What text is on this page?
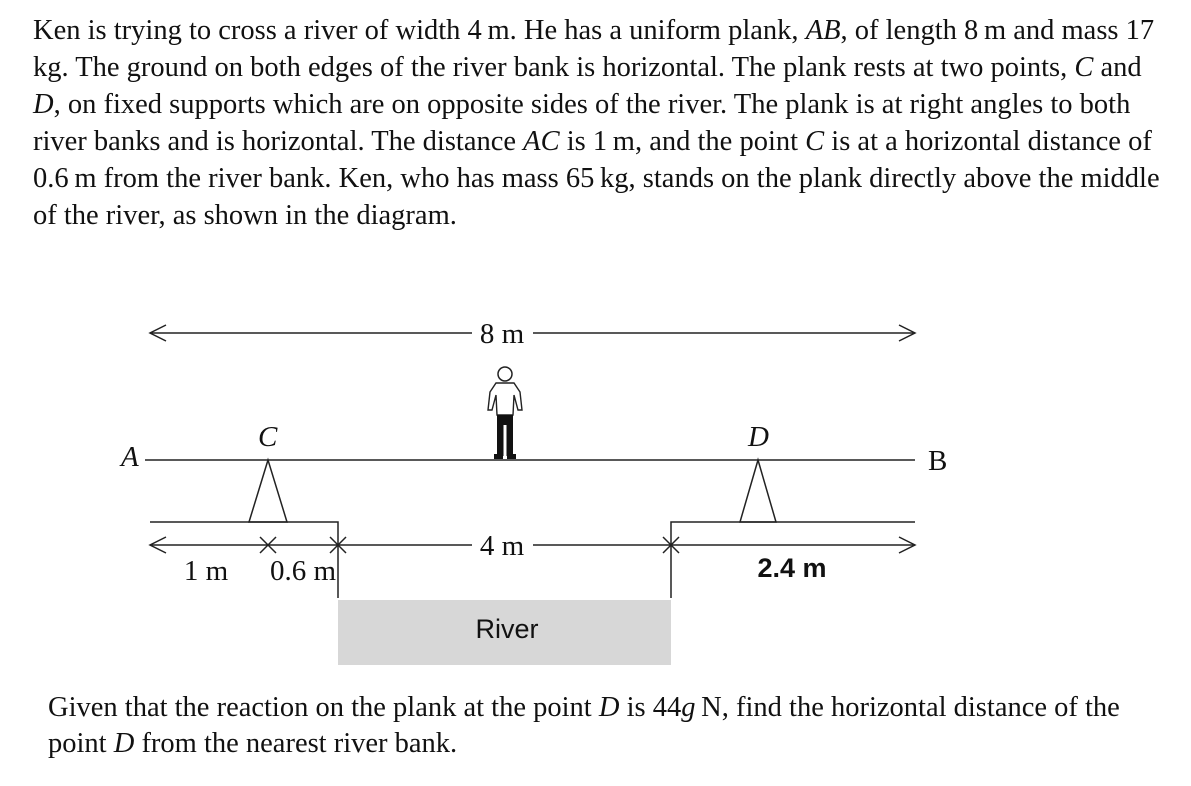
Ken is trying to cross a river of width 4 m. He has a uniform plank, AB, of length 8 m and mass 17 kg. The ground on both edges of the river bank is horizontal. The plank rests at two points, C and D, on fixed supports which are on opposite sides of the river. The plank is at right angles to both river banks and is horizontal. The distance AC is 1 m, and the point C is at a horizontal distance of 0.6 m from the river bank. Ken, who has mass 65 kg, stands on the plank directly above the middle of the river, as shown in the diagram.

8 m
A	B
C	D
4 m
1 m 0.6 m	2.4 m
River

Given that the reaction on the plank at the point D is 44g N, find the horizontal distance of the point D from the nearest river bank.
